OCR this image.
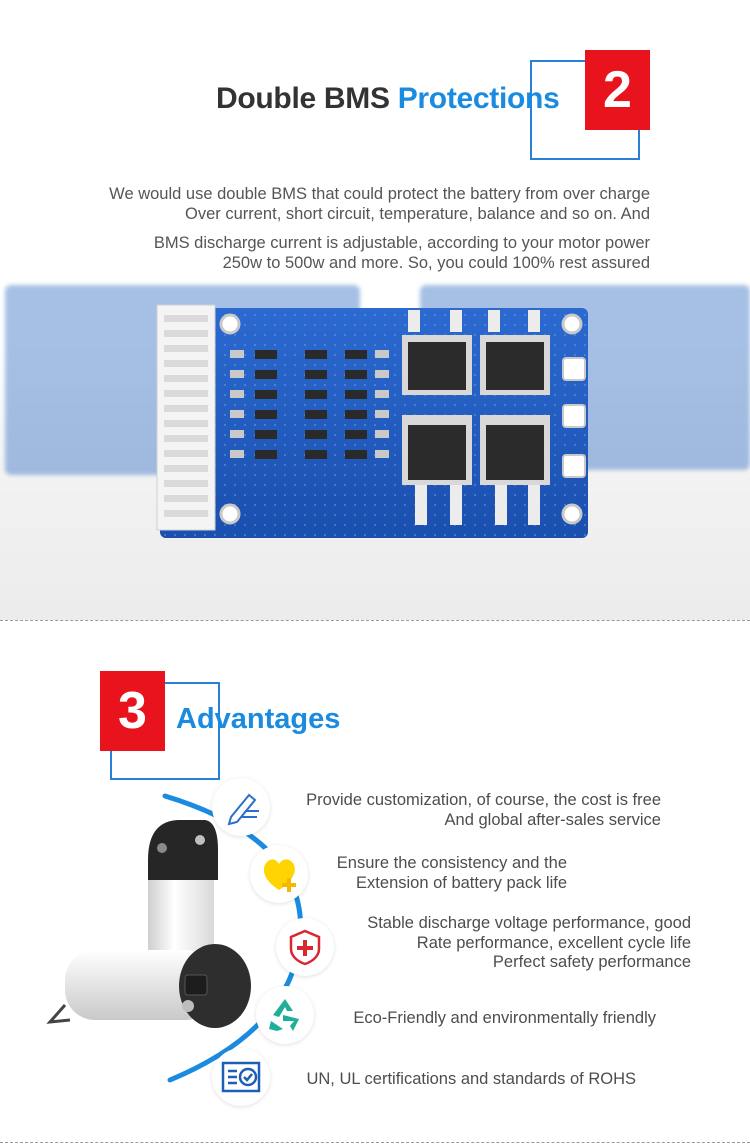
2
Double BMS Protections

We would use double BMS that could protect the battery from over charge
Over current, short circuit, temperature, balance and so on. And

BMS discharge current is adjustable, according to your motor power
250w to 500w and more. So, you could 100% rest assured

3	Advantages
Provide customization, of course, the cost is free
And global after-sales service
Ensure the consistency and the
Extension of battery pack life
Stable discharge voltage performance, good
Rate performance, excellent cycle life
Perfect safety performance
Eco-Friendly and environmentally friendly
UN, UL certifications and standards of ROHS
